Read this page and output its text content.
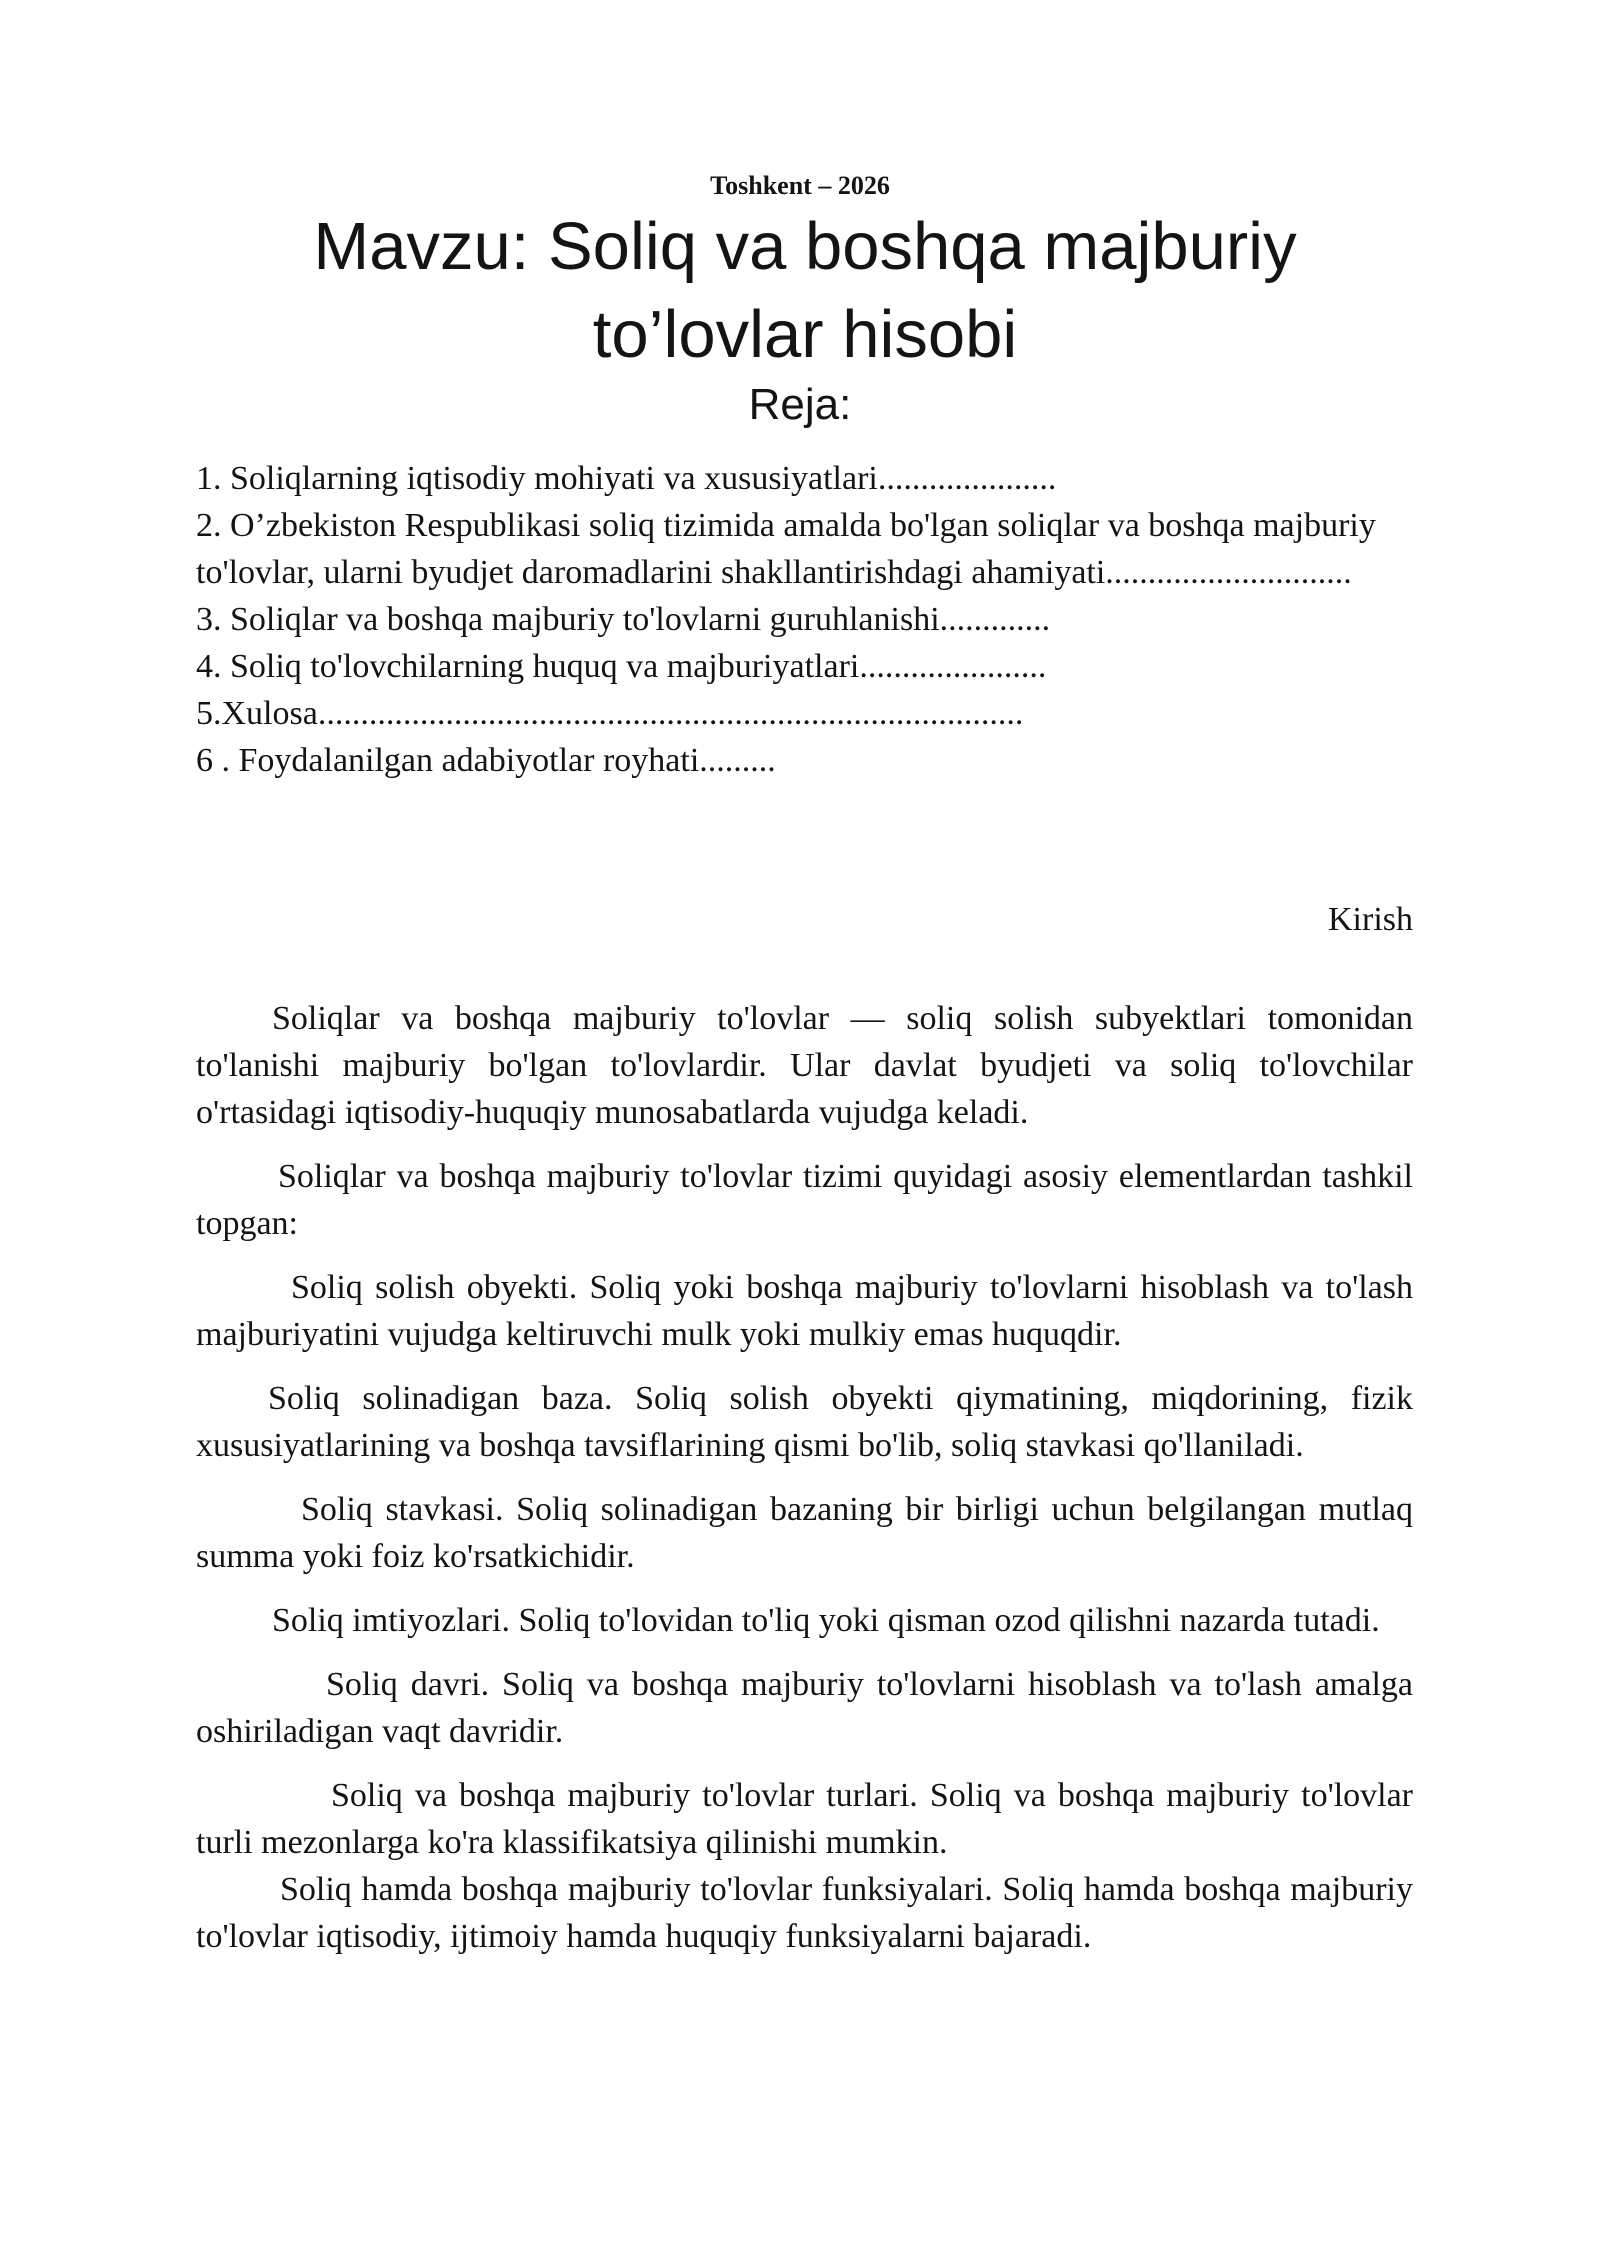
Toshkent – 2026
Mavzu: Soliq va boshqa majburiy to’lovlar hisobi
Reja:
1. Soliqlarning iqtisodiy mohiyati va xususiyatlari.....................
2. O’zbekiston Respublikasi soliq tizimida amalda bo'lgan soliqlar va boshqa majburiy to'lovlar, ularni byudjet daromadlarini shakllantirishdagi ahamiyati.............................
3. Soliqlar va boshqa majburiy to'lovlarni guruhlanishi.............
4. Soliq to'lovchilarning huquq va majburiyatlari......................
5.Xulosa...................................................................................
6 . Foydalanilgan adabiyotlar royhati.........
Kirish

Soliqlar va boshqa majburiy to'lovlar — soliq solish subyektlari tomonidan to'lanishi majburiy bo'lgan to'lovlardir. Ular davlat byudjeti va soliq to'lovchilar o'rtasidagi iqtisodiy-huquqiy munosabatlarda vujudga keladi.

Soliqlar va boshqa majburiy to'lovlar tizimi quyidagi asosiy elementlardan tashkil topgan:

Soliq solish obyekti. Soliq yoki boshqa majburiy to'lovlarni hisoblash va to'lash majburiyatini vujudga keltiruvchi mulk yoki mulkiy emas huquqdir.

Soliq solinadigan baza. Soliq solish obyekti qiymatining, miqdorining, fizik xususiyatlarining va boshqa tavsiflarining qismi bo'lib, soliq stavkasi qo'llaniladi.

Soliq stavkasi. Soliq solinadigan bazaning bir birligi uchun belgilangan mutlaq summa yoki foiz ko'rsatkichidir.

Soliq imtiyozlari. Soliq to'lovidan to'liq yoki qisman ozod qilishni nazarda tutadi.

Soliq davri. Soliq va boshqa majburiy to'lovlarni hisoblash va to'lash amalga oshiriladigan vaqt davridir.

Soliq va boshqa majburiy to'lovlar turlari. Soliq va boshqa majburiy to'lovlar turli mezonlarga ko'ra klassifikatsiya qilinishi mumkin.

Soliq hamda boshqa majburiy to'lovlar funksiyalari. Soliq hamda boshqa majburiy to'lovlar iqtisodiy, ijtimoiy hamda huquqiy funksiyalarni bajaradi.
